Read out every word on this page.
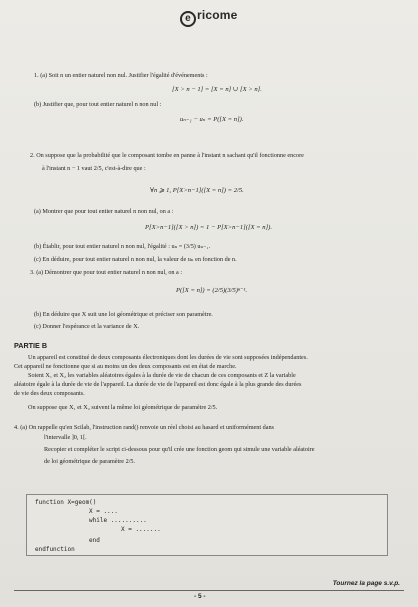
e ricome
1. (a) Soit n un entier naturel non nul. Justifier l'égalité d'événements :
[X > n − 1] = [X = n] ∪ [X > n].
(b) Justifier que, pour tout entier naturel n non nul :
uₙ₋₁ − uₙ = P([X = n]).
2. On suppose que la probabilité que le composant tombe en panne à l'instant n sachant qu'il fonctionne encore
à l'instant n − 1 vaut 2/5, c'est-à-dire que :
∀n ⩾ 1, P[X>n−1]([X = n]) = 2/5.
(a) Montrer que pour tout entier naturel n non nul, on a :
P[X>n−1]([X > n]) = 1 − P[X>n−1]([X = n]).
(b) Établir, pour tout entier naturel n non nul, l'égalité : uₙ = (3/5) uₙ₋₁.
(c) En déduire, pour tout entier naturel n non nul, la valeur de uₙ en fonction de n.
3. (a) Démontrer que pour tout entier naturel n non nul, on a :
P([X = n]) = (2/5)(3/5)ⁿ⁻¹.
(b) En déduire que X suit une loi géométrique et préciser son paramètre.
(c) Donner l'espérance et la variance de X.
PARTIE B
Un appareil est constitué de deux composants électroniques dont les durées de vie sont supposées indépendantes.
Cet appareil ne fonctionne que si au moins un des deux composants est en état de marche.
Soient X₁ et X₂ les variables aléatoires égales à la durée de vie de chacun de ces composants et Z la variable
aléatoire égale à la durée de vie de l'appareil. La durée de vie de l'appareil est donc égale à la plus grande des durées
de vie des deux composants.
On suppose que X₁ et X₂ suivent la même loi géométrique de paramètre 2/5.
4. (a) On rappelle qu'en Scilab, l'instruction rand() renvoie un réel choisi au hasard et uniformément dans
l'intervalle ]0, 1[.
Recopier et compléter le script ci-dessous pour qu'il crée une fonction geom qui simule une variable aléatoire
de loi géométrique de paramètre 2/5.
function X=geom()
X = ....
while ..........
X = .......
end
endfunction
Tournez la page s.v.p.
- 5 -
